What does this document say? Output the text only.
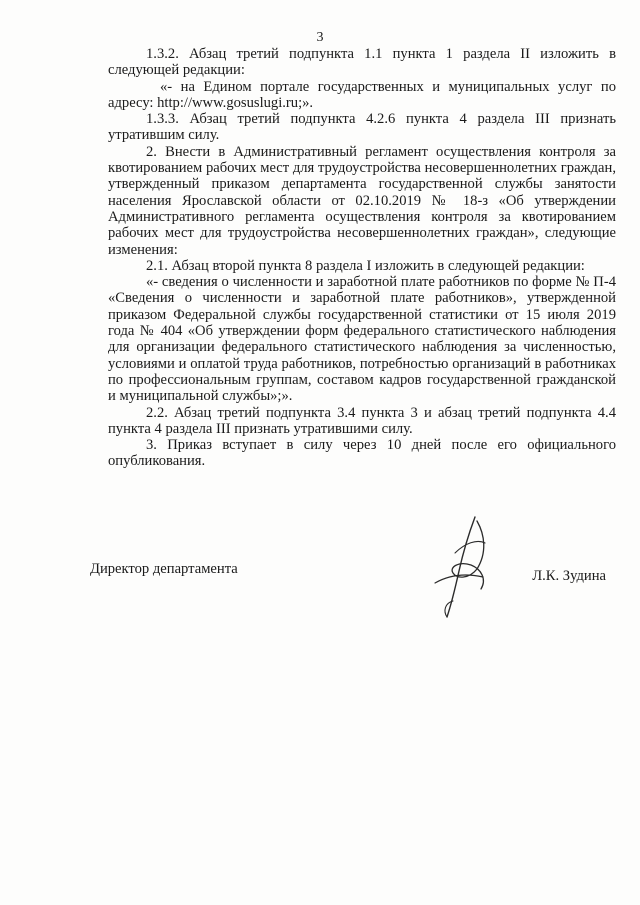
3

1.3.2. Абзац третий подпункта 1.1 пункта 1 раздела II изложить в следующей редакции:

«- на Едином портале государственных и муниципальных услуг по адресу: http://www.gosuslugi.ru;».

1.3.3. Абзац третий подпункта 4.2.6 пункта 4 раздела III признать утратившим силу.

2. Внести в Административный регламент осуществления контроля за квотированием рабочих мест для трудоустройства несовершеннолетних граждан, утвержденный приказом департамента государственной службы занятости населения Ярославской области от 02.10.2019 № 18-з «Об утверждении Административного регламента осуществления контроля за квотированием рабочих мест для трудоустройства несовершеннолетних граждан», следующие изменения:

2.1. Абзац второй пункта 8 раздела I изложить в следующей редакции:

«- сведения о численности и заработной плате работников по форме № П-4 «Сведения о численности и заработной плате работников», утвержденной приказом Федеральной службы государственной статистики от 15 июля 2019 года № 404 «Об утверждении форм федерального статистического наблюдения для организации федерального статистического наблюдения за численностью, условиями и оплатой труда работников, потребностью организаций в работниках по профессиональным группам, составом кадров государственной гражданской и муниципальной службы»;».

2.2. Абзац третий подпункта 3.4 пункта 3 и абзац третий подпункта 4.4 пункта 4 раздела III признать утратившими силу.

3. Приказ вступает в силу через 10 дней после его официального опубликования.

Директор департамента	Л.К. Зудина
